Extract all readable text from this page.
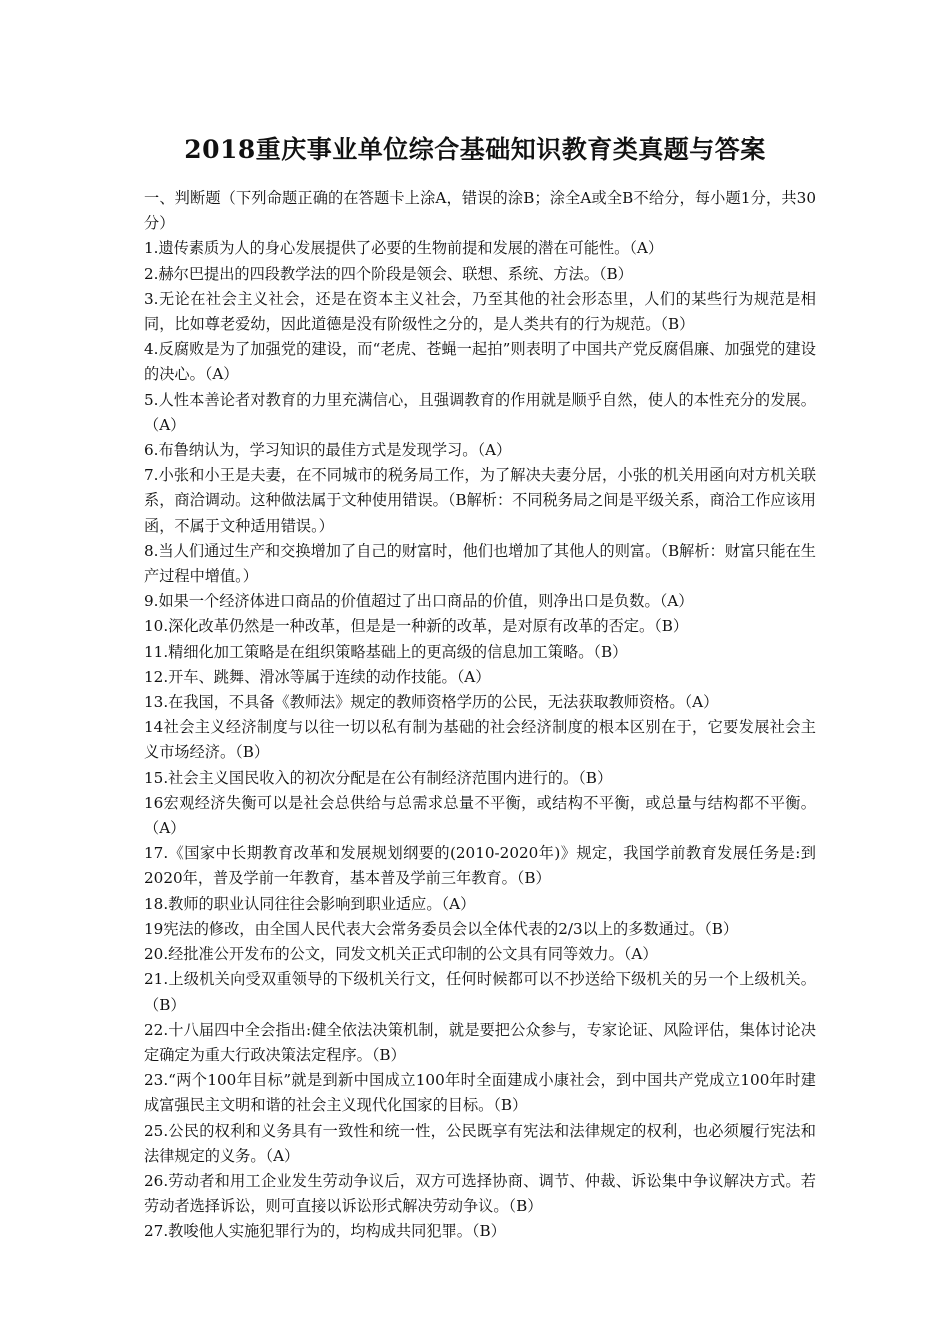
2018重庆事业单位综合基础知识教育类真题与答案

一、判断题（下列命题正确的在答题卡上涂A，错误的涂B；涂全A或全B不给分，每小题1分，共30分）

1.遗传素质为人的身心发展提供了必要的生物前提和发展的潜在可能性。（A）

2.赫尔巴提出的四段教学法的四个阶段是领会、联想、系统、方法。（B）

3.无论在社会主义社会，还是在资本主义社会，乃至其他的社会形态里，人们的某些行为规范是相同，比如尊老爱幼，因此道德是没有阶级性之分的，是人类共有的行为规范。（B）

4.反腐败是为了加强党的建设，而“老虎、苍蝇一起拍”则表明了中国共产党反腐倡廉、加强党的建设的决心。（A）

5.人性本善论者对教育的力里充满信心，且强调教育的作用就是顺乎自然，使人的本性充分的发展。（A）

6.布鲁纳认为，学习知识的最佳方式是发现学习。（A）

7.小张和小王是夫妻，在不同城市的税务局工作，为了解决夫妻分居，小张的机关用函向对方机关联系，商洽调动。这种做法属于文种使用错误。（B解析：不同税务局之间是平级关系，商洽工作应该用函，不属于文种适用错误。）

8.当人们通过生产和交换增加了自己的财富时，他们也增加了其他人的则富。（B解析：财富只能在生产过程中增值。）

9.如果一个经济体进口商品的价值超过了出口商品的价值，则净出口是负数。（A）

10.深化改革仍然是一种改革，但是是一种新的改革，是对原有改革的否定。（B）

11.精细化加工策略是在组织策略基础上的更高级的信息加工策略。（B）

12.开车、跳舞、滑冰等属于连续的动作技能。（A）

13.在我国，不具备《教师法》规定的教师资格学历的公民，无法获取教师资格。（A）

14社会主义经济制度与以往一切以私有制为基础的社会经济制度的根本区别在于，它要发展社会主义市场经济。（B）

15.社会主义国民收入的初次分配是在公有制经济范围内进行的。（B）

16宏观经济失衡可以是社会总供给与总需求总量不平衡，或结构不平衡，或总量与结构都不平衡。（A）

17.《国家中长期教育改革和发展规划纲要的(2010-2020年)》规定，我国学前教育发展任务是:到2020年，普及学前一年教育，基本普及学前三年教育。（B）

18.教师的职业认同往往会影响到职业适应。（A）

19宪法的修改，由全国人民代表大会常务委员会以全体代表的2/3以上的多数通过。（B）

20.经批准公开发布的公文，同发文机关正式印制的公文具有同等效力。（A）

21.上级机关向受双重领导的下级机关行文，任何时候都可以不抄送给下级机关的另一个上级机关。（B）

22.十八届四中全会指出:健全依法决策机制，就是要把公众参与，专家论证、风险评估，集体讨论决定确定为重大行政决策法定程序。（B）

23.“两个100年目标”就是到新中国成立100年时全面建成小康社会，到中国共产党成立100年时建成富强民主文明和谐的社会主义现代化国家的目标。（B）

25.公民的权利和义务具有一致性和统一性，公民既享有宪法和法律规定的权利，也必须履行宪法和法律规定的义务。（A）

26.劳动者和用工企业发生劳动争议后，双方可选择协商、调节、仲裁、诉讼集中争议解决方式。若劳动者选择诉讼，则可直接以诉讼形式解决劳动争议。（B）

27.教唆他人实施犯罪行为的，均构成共同犯罪。（B）
